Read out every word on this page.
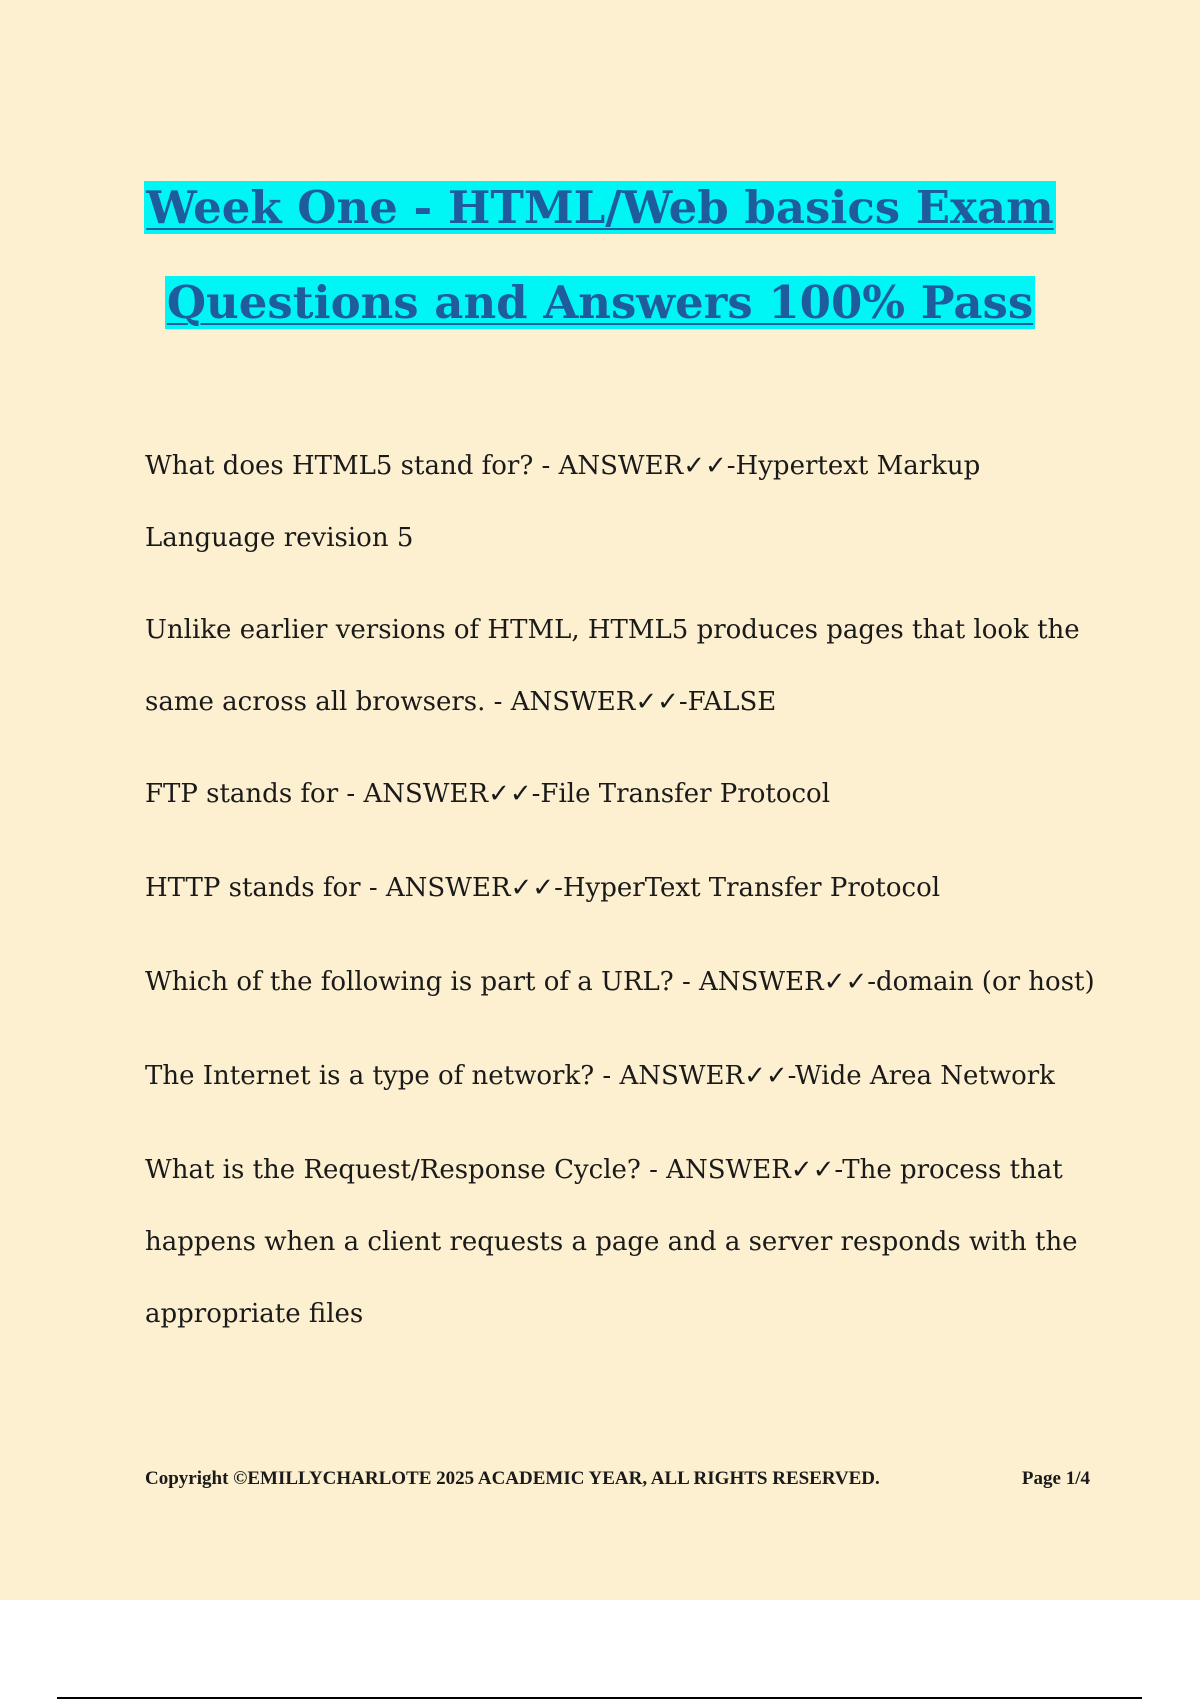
Week One - HTML/Web basics Exam
Questions and Answers 100% Pass

What does HTML5 stand for? - ANSWER✓✓-Hypertext Markup Language revision 5

Unlike earlier versions of HTML, HTML5 produces pages that look the same across all browsers. - ANSWER✓✓-FALSE

FTP stands for - ANSWER✓✓-File Transfer Protocol

HTTP stands for - ANSWER✓✓-HyperText Transfer Protocol

Which of the following is part of a URL? - ANSWER✓✓-domain (or host)

The Internet is a type of network? - ANSWER✓✓-Wide Area Network

What is the Request/Response Cycle? - ANSWER✓✓-The process that happens when a client requests a page and a server responds with the appropriate files

Copyright ©EMILLYCHARLOTE 2025 ACADEMIC YEAR, ALL RIGHTS RESERVED.	Page 1/4
